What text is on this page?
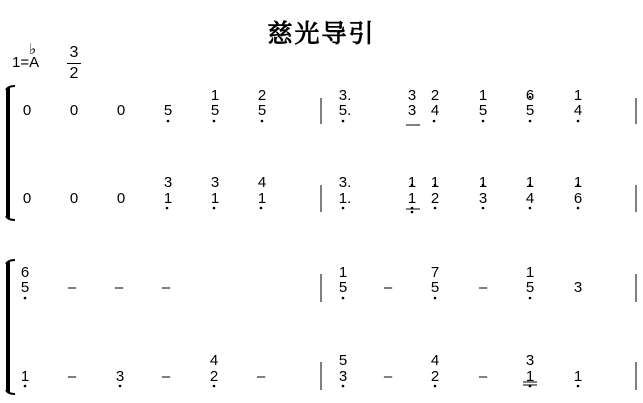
慈光导引
1=A
♭ 3
2
1	2	3.	3 2	1	6	1
0	0	0	5	5	5	5.	3 4	5	5	4
3	3	4	3.	1 1	1	1	1
0	0	0	1	1	1	1.	1 2	3	4	6
6	1	7	1
5	–	–	–	5 –	5	–	5	3
4	5	4	3
1	–	3	–	2	–	3 –	2	–	1	1
